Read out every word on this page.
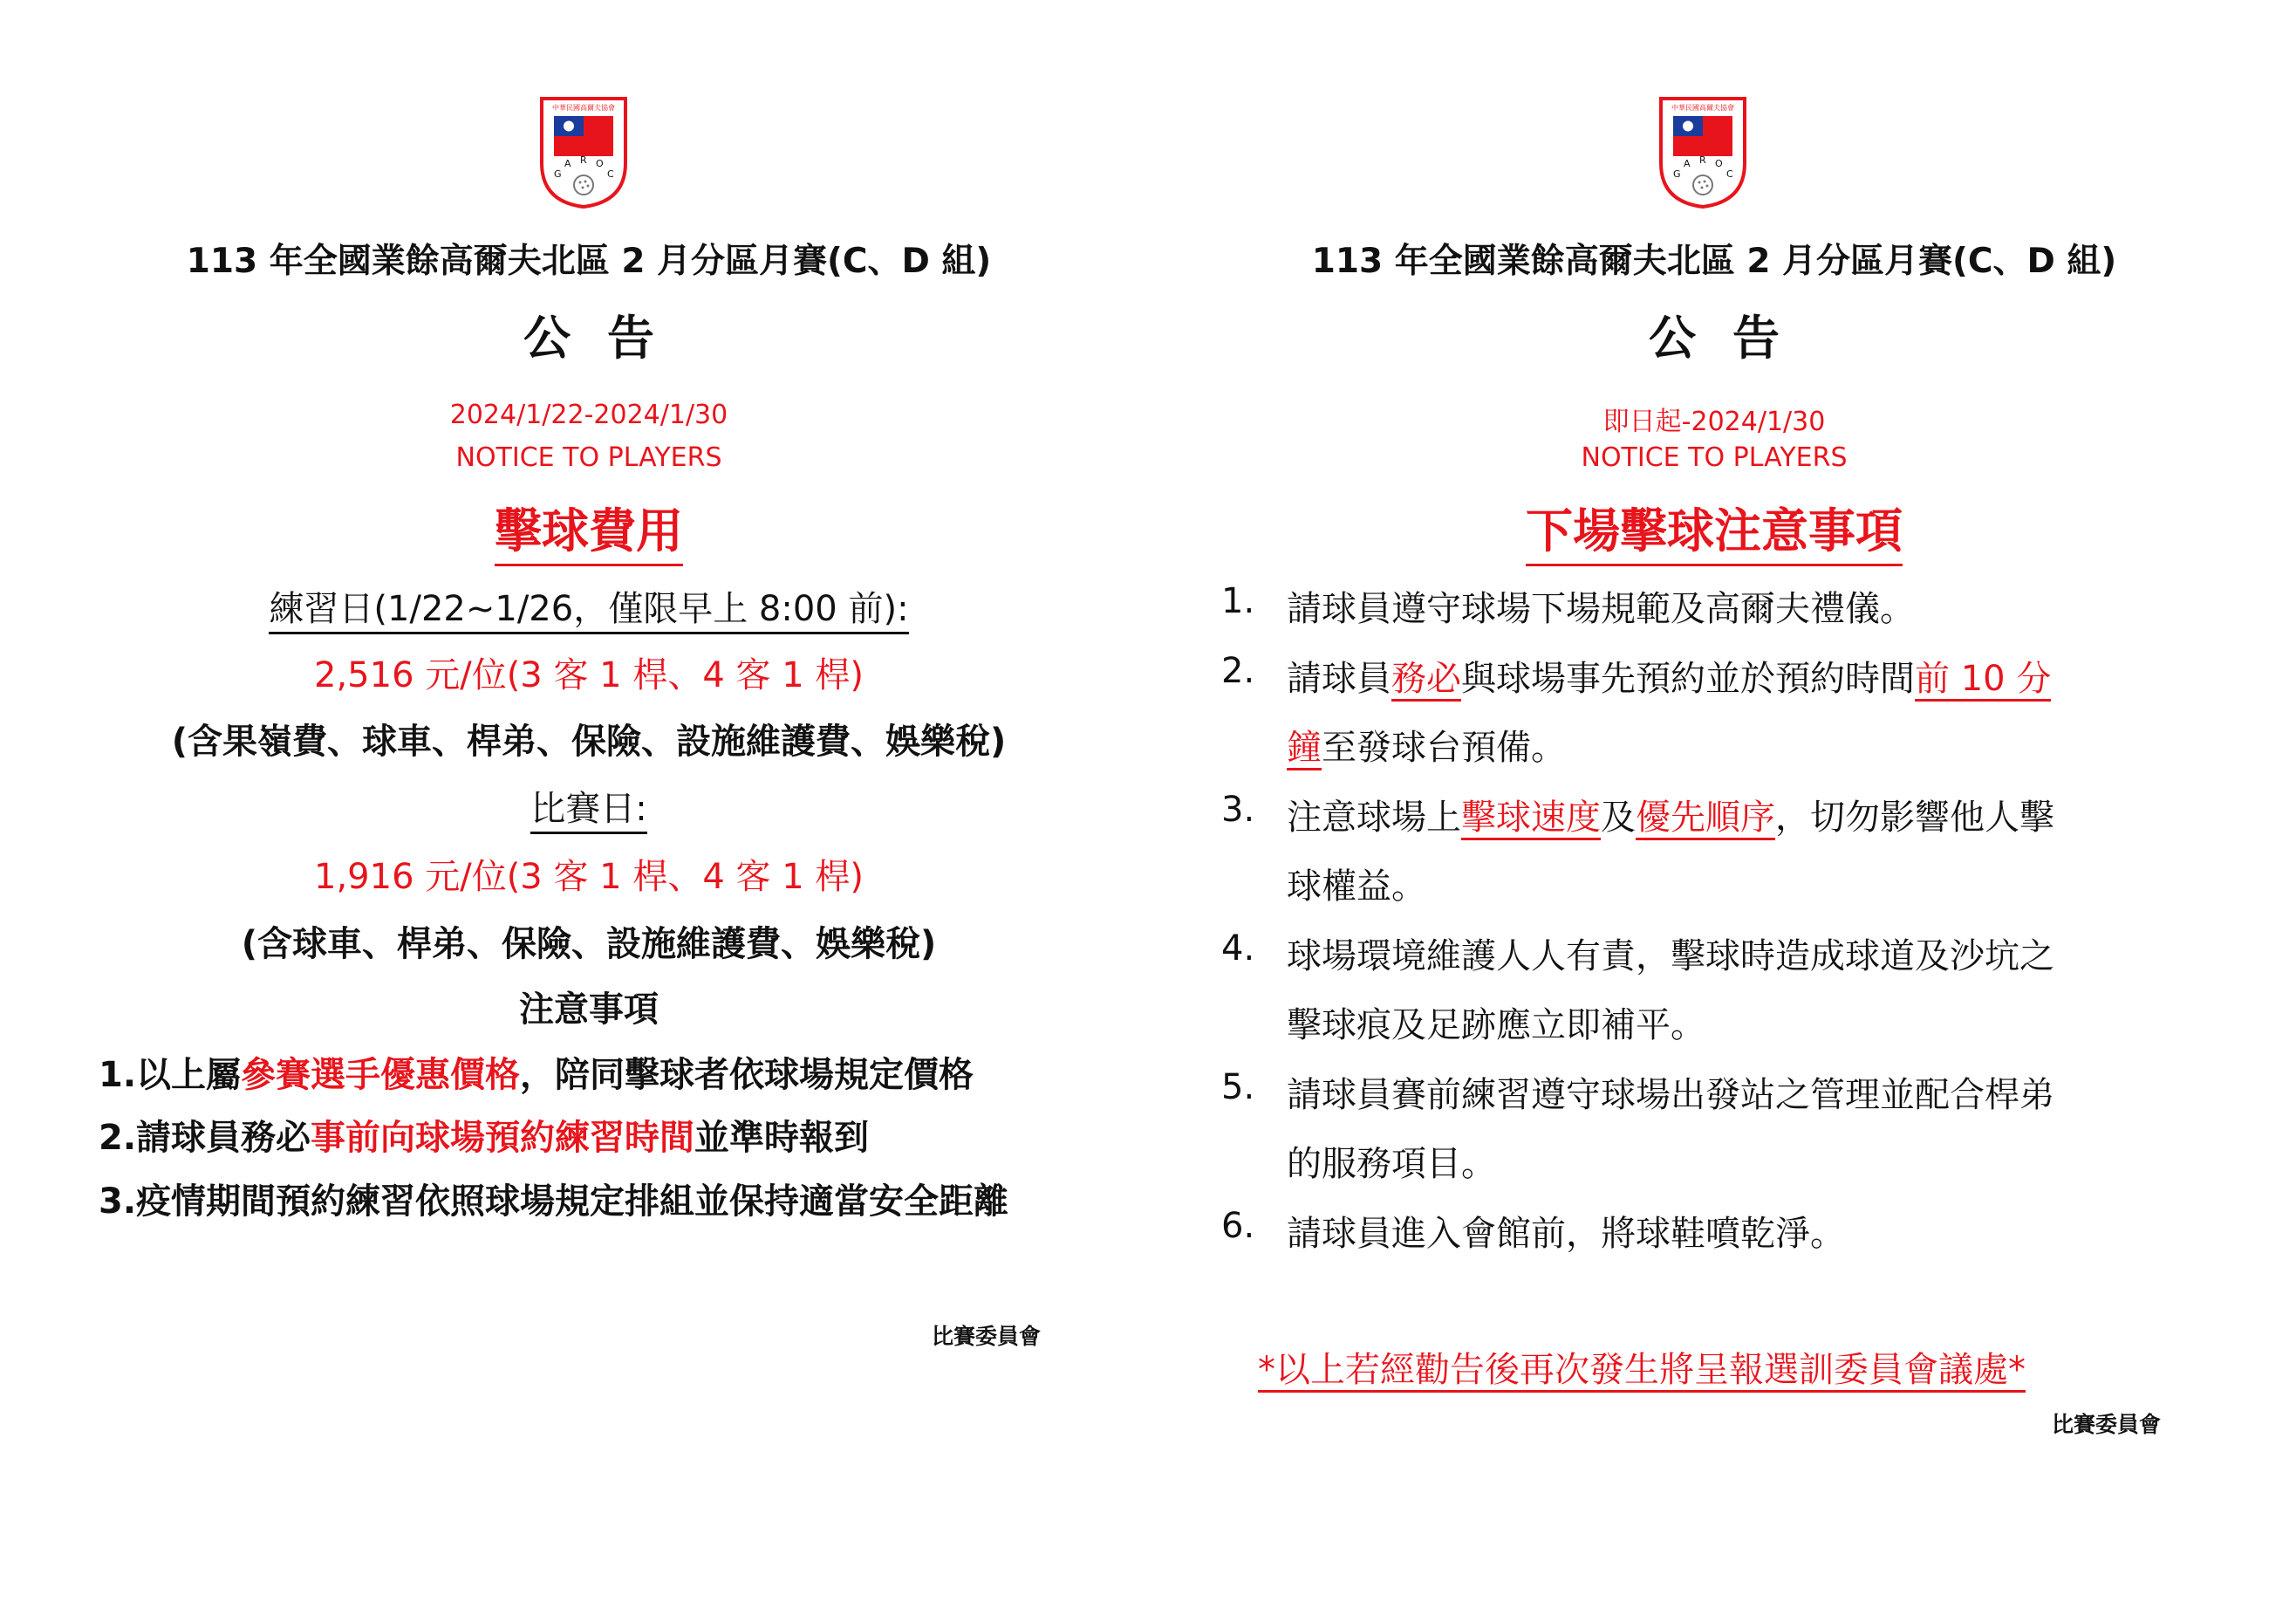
中華民國高爾夫協會
G
A R O
C
113 年全國業餘高爾夫北區 2 月分區月賽(C、D 組)
公告
2024/1/22-2024/1/30
NOTICE TO PLAYERS
擊球費用
練習日(1/22~1/26，僅限早上 8:00 前):
2,516 元/位(3 客 1 桿、4 客 1 桿)
(含果嶺費、球車、桿弟、保險、設施維護費、娛樂稅)
比賽日:
1,916 元/位(3 客 1 桿、4 客 1 桿)
(含球車、桿弟、保險、設施維護費、娛樂稅)
注意事項
1.以上屬參賽選手優惠價格，陪同擊球者依球場規定價格
2.請球員務必事前向球場預約練習時間並準時報到
3.疫情期間預約練習依照球場規定排組並保持適當安全距離
比賽委員會
中華民國高爾夫協會
G
A R O
C
113 年全國業餘高爾夫北區 2 月分區月賽(C、D 組)
公告
即日起-2024/1/30
NOTICE TO PLAYERS
下場擊球注意事項
1. 請球員遵守球場下場規範及高爾夫禮儀。
2. 請球員務必與球場事先預約並於預約時間前 10 分
鐘至發球台預備。
3. 注意球場上擊球速度及優先順序，切勿影響他人擊
球權益。
4. 球場環境維護人人有責，擊球時造成球道及沙坑之
擊球痕及足跡應立即補平。
5. 請球員賽前練習遵守球場出發站之管理並配合桿弟
的服務項目。
6. 請球員進入會館前，將球鞋噴乾淨。
*以上若經勸告後再次發生將呈報選訓委員會議處*
比賽委員會
